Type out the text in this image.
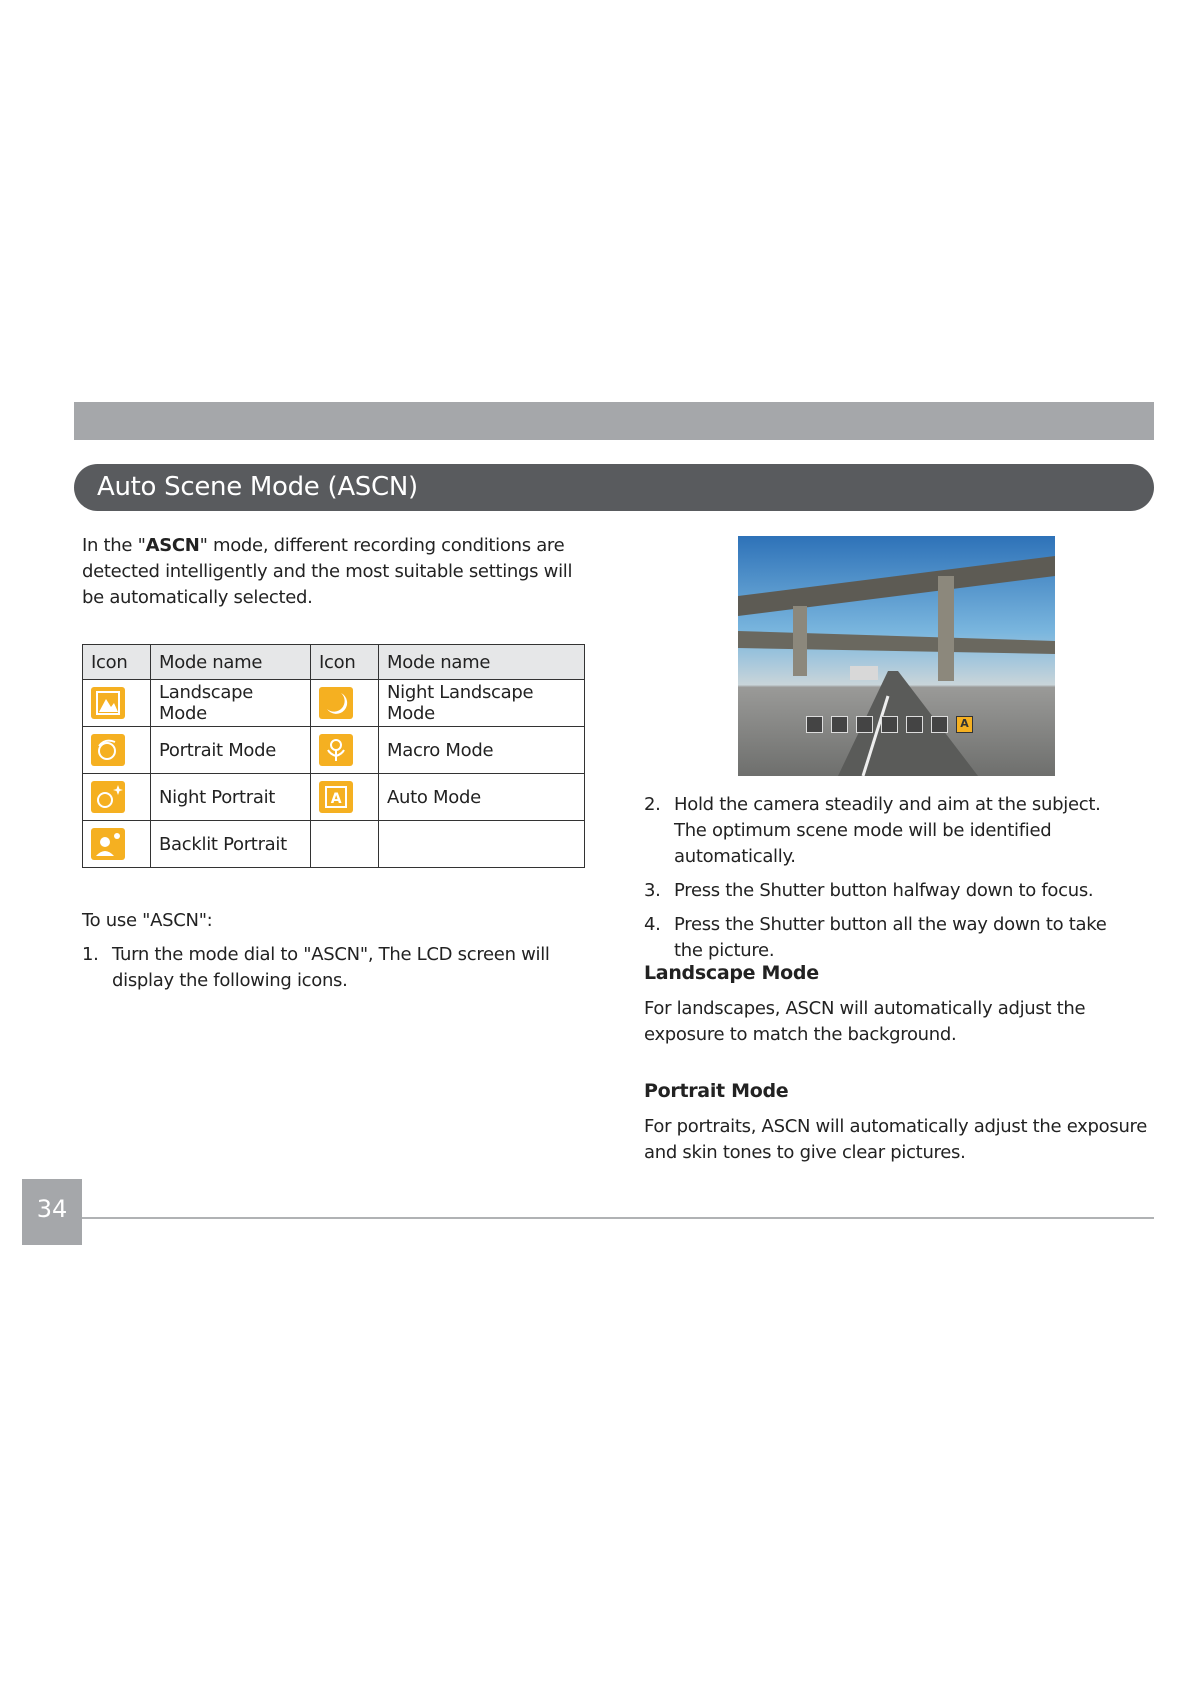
Auto Scene Mode (ASCN)
In the "ASCN" mode, different recording conditions are detected intelligently and the most suitable settings will be automatically selected.
Icon	Mode name	Icon	Mode name

	Landscape Mode		Night Landscape Mode

	Portrait Mode		Macro Mode

	Night Portrait	A	Auto Mode

	Backlit Portrait		
To use "ASCN":
1. Turn the mode dial to "ASCN", The LCD screen will display the following icons.
A
2. Hold the camera steadily and aim at the subject. The optimum scene mode will be identified automatically.
3. Press the Shutter button halfway down to focus.
4. Press the Shutter button all the way down to take the picture.
Landscape Mode
For landscapes, ASCN will automatically adjust the exposure to match the background.
Portrait Mode
For portraits, ASCN will automatically adjust the exposure and skin tones to give clear pictures.
34
